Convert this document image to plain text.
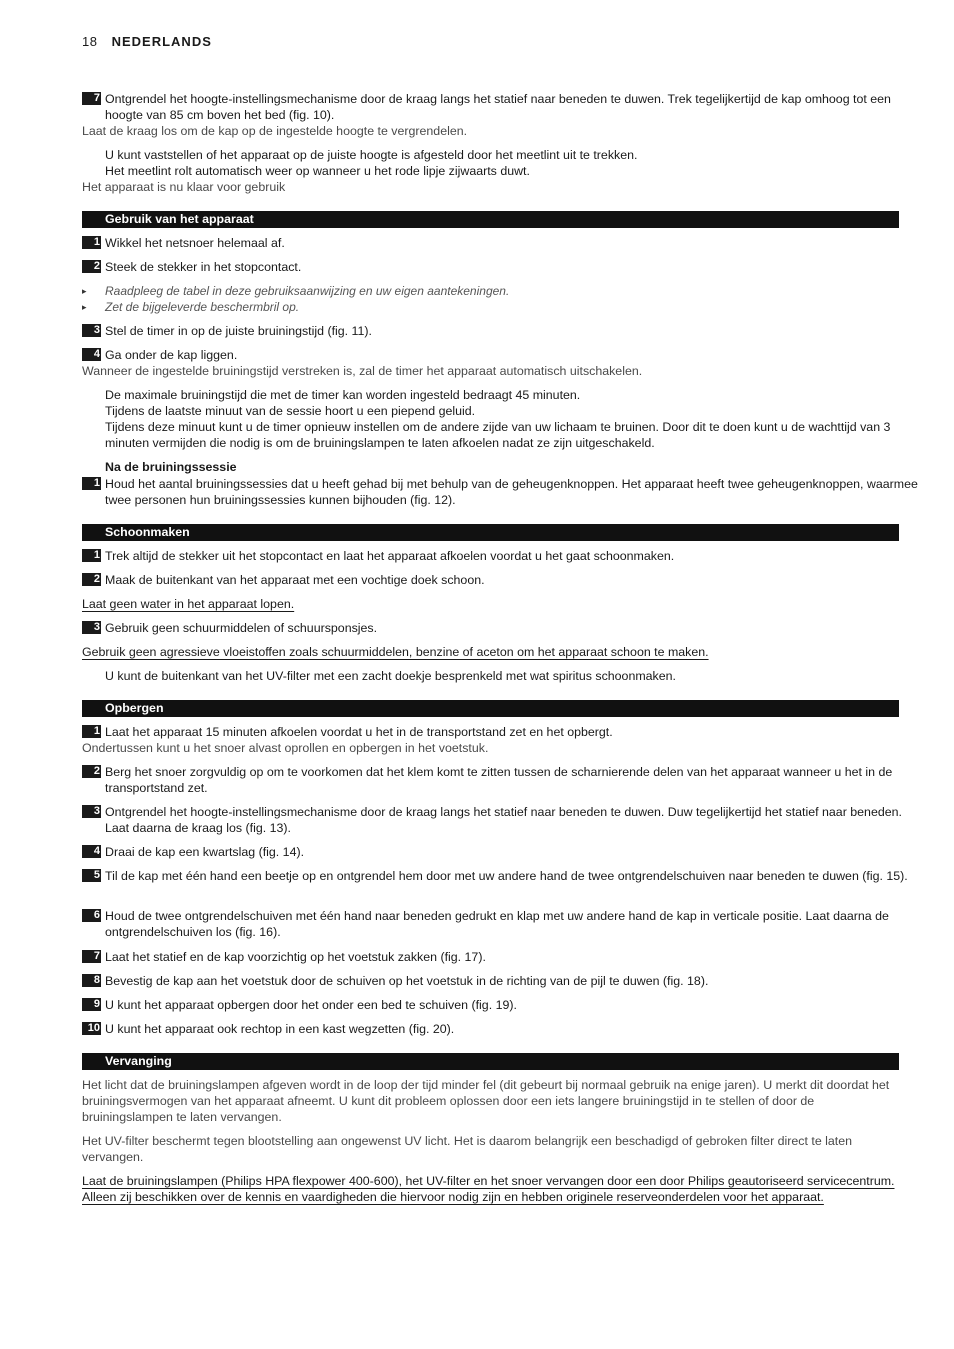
18 NEDERLANDS
7 Ontgrendel het hoogte-instellingsmechanisme door de kraag langs het statief naar beneden te duwen. Trek tegelijkertijd de kap omhoog tot een hoogte van 85 cm boven het bed (fig. 10).
Laat de kraag los om de kap op de ingestelde hoogte te vergrendelen.
U kunt vaststellen of het apparaat op de juiste hoogte is afgesteld door het meetlint uit te trekken.
Het meetlint rolt automatisch weer op wanneer u het rode lipje zijwaarts duwt.
Het apparaat is nu klaar voor gebruik
Gebruik van het apparaat
1 Wikkel het netsnoer helemaal af.
2 Steek de stekker in het stopcontact.
▸ Raadpleeg de tabel in deze gebruiksaanwijzing en uw eigen aantekeningen.
▸ Zet de bijgeleverde beschermbril op.
3 Stel de timer in op de juiste bruiningstijd (fig. 11).
4 Ga onder de kap liggen.
Wanneer de ingestelde bruiningstijd verstreken is, zal de timer het apparaat automatisch uitschakelen.
De maximale bruiningstijd die met de timer kan worden ingesteld bedraagt 45 minuten.
Tijdens de laatste minuut van de sessie hoort u een piepend geluid.
Tijdens deze minuut kunt u de timer opnieuw instellen om de andere zijde van uw lichaam te bruinen. Door dit te doen kunt u de wachttijd van 3 minuten vermijden die nodig is om de bruiningslampen te laten afkoelen nadat ze zijn uitgeschakeld.
Na de bruiningssessie
1 Houd het aantal bruiningssessies dat u heeft gehad bij met behulp van de geheugenknoppen. Het apparaat heeft twee geheugenknoppen, waarmee twee personen hun bruiningssessies kunnen bijhouden (fig. 12).
Schoonmaken
1 Trek altijd de stekker uit het stopcontact en laat het apparaat afkoelen voordat u het gaat schoonmaken.
2 Maak de buitenkant van het apparaat met een vochtige doek schoon.
Laat geen water in het apparaat lopen.
3 Gebruik geen schuurmiddelen of schuursponsjes.
Gebruik geen agressieve vloeistoffen zoals schuurmiddelen, benzine of aceton om het apparaat schoon te maken.
U kunt de buitenkant van het UV-filter met een zacht doekje besprenkeld met wat spiritus schoonmaken.
Opbergen
1 Laat het apparaat 15 minuten afkoelen voordat u het in de transportstand zet en het opbergt.
Ondertussen kunt u het snoer alvast oprollen en opbergen in het voetstuk.
2 Berg het snoer zorgvuldig op om te voorkomen dat het klem komt te zitten tussen de scharnierende delen van het apparaat wanneer u het in de transportstand zet.
3 Ontgrendel het hoogte-instellingsmechanisme door de kraag langs het statief naar beneden te duwen. Duw tegelijkertijd het statief naar beneden. Laat daarna de kraag los (fig. 13).
4 Draai de kap een kwartslag (fig. 14).
5 Til de kap met één hand een beetje op en ontgrendel hem door met uw andere hand de twee ontgrendelschuiven naar beneden te duwen (fig. 15).
6 Houd de twee ontgrendelschuiven met één hand naar beneden gedrukt en klap met uw andere hand de kap in verticale positie. Laat daarna de ontgrendelschuiven los (fig. 16).
7 Laat het statief en de kap voorzichtig op het voetstuk zakken (fig. 17).
8 Bevestig de kap aan het voetstuk door de schuiven op het voetstuk in de richting van de pijl te duwen (fig. 18).
9 U kunt het apparaat opbergen door het onder een bed te schuiven (fig. 19).
10 U kunt het apparaat ook rechtop in een kast wegzetten (fig. 20).
Vervanging
Het licht dat de bruiningslampen afgeven wordt in de loop der tijd minder fel (dit gebeurt bij normaal gebruik na enige jaren). U merkt dit doordat het bruiningsvermogen van het apparaat afneemt. U kunt dit probleem oplossen door een iets langere bruiningstijd in te stellen of door de bruiningslampen te laten vervangen.
Het UV-filter beschermt tegen blootstelling aan ongewenst UV licht. Het is daarom belangrijk een beschadigd of gebroken filter direct te laten vervangen.
Laat de bruiningslampen (Philips HPA flexpower 400-600), het UV-filter en het snoer vervangen door een door Philips geautoriseerd servicecentrum. Alleen zij beschikken over de kennis en vaardigheden die hiervoor nodig zijn en hebben originele reserveonderdelen voor het apparaat.
